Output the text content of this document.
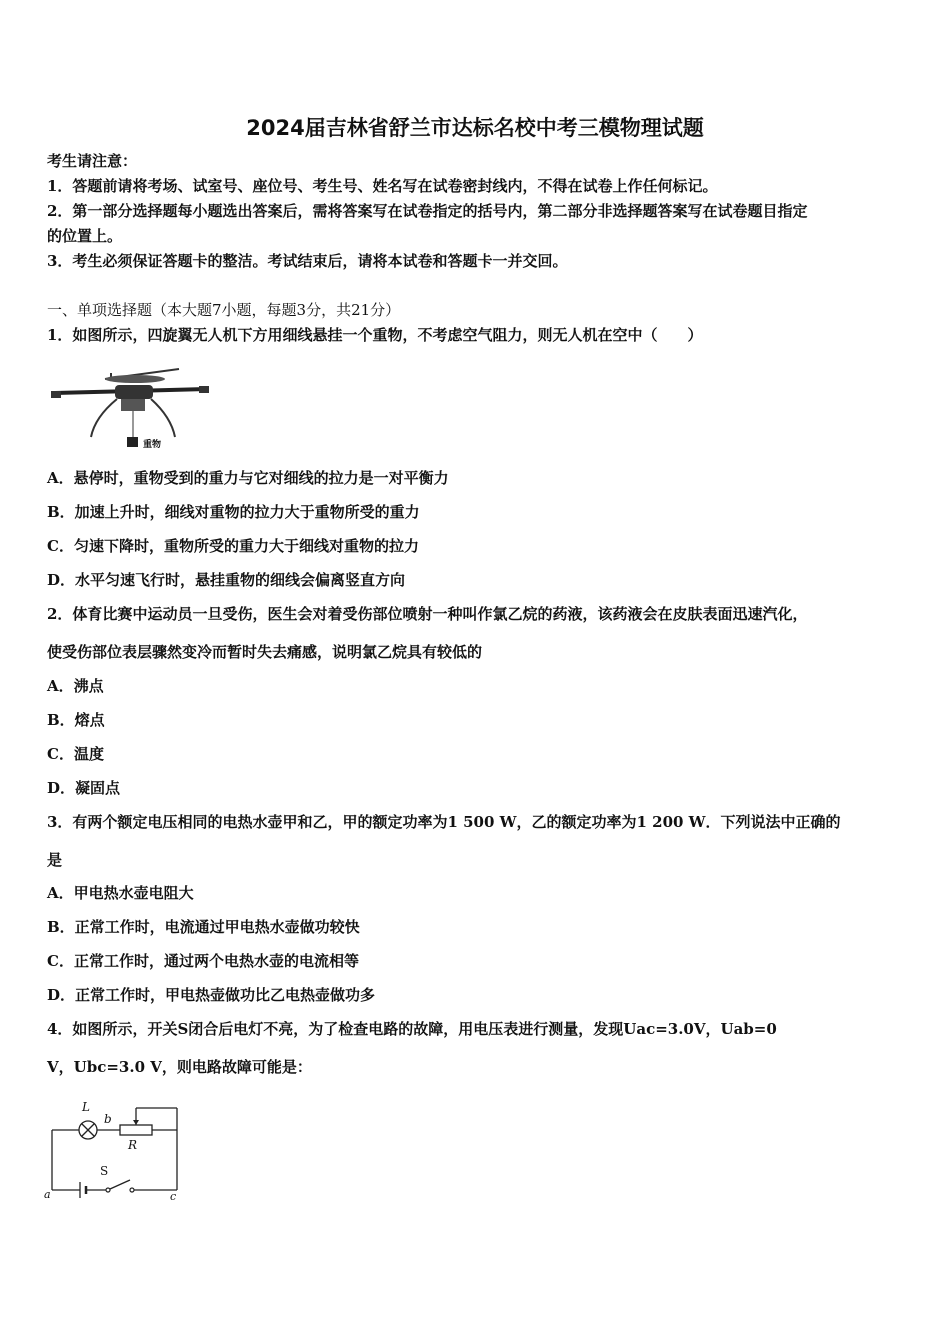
2024届吉林省舒兰市达标名校中考三模物理试题
考生请注意：
1．答题前请将考场、试室号、座位号、考生号、姓名写在试卷密封线内，不得在试卷上作任何标记。
2．第一部分选择题每小题选出答案后，需将答案写在试卷指定的括号内，第二部分非选择题答案写在试卷题目指定
的位置上。
3．考生必须保证答题卡的整洁。考试结束后，请将本试卷和答题卡一并交回。
一、单项选择题（本大题7小题，每题3分，共21分）
1．如图所示，四旋翼无人机下方用细线悬挂一个重物，不考虑空气阻力，则无人机在空中（　　）
重物
A．悬停时，重物受到的重力与它对细线的拉力是一对平衡力
B．加速上升时，细线对重物的拉力大于重物所受的重力
C．匀速下降时，重物所受的重力大于细线对重物的拉力
D．水平匀速飞行时，悬挂重物的细线会偏离竖直方向
2．体育比赛中运动员一旦受伤，医生会对着受伤部位喷射一种叫作氯乙烷的药液，该药液会在皮肤表面迅速汽化，
使受伤部位表层骤然变冷而暂时失去痛感，说明氯乙烷具有较低的
A．沸点
B．熔点
C．温度
D．凝固点
3．有两个额定电压相同的电热水壶甲和乙，甲的额定功率为1 500 W，乙的额定功率为1 200 W．下列说法中正确的
是
A．甲电热水壶电阻大
B．正常工作时，电流通过甲电热水壶做功较快
C．正常工作时，通过两个电热水壶的电流相等
D．正常工作时，甲电热壶做功比乙电热壶做功多
4．如图所示，开关S闭合后电灯不亮，为了检查电路的故障，用电压表进行测量，发现Uac=3.0V，Uab=0
V，Ubc=3.0 V，则电路故障可能是：
L
b
R
S
a	c
